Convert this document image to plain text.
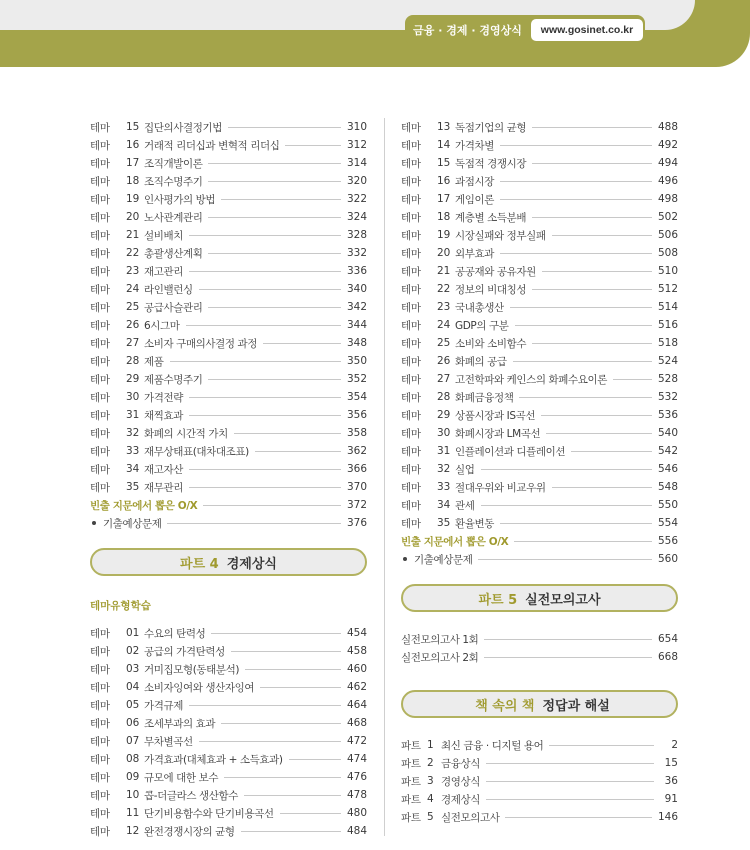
금융 · 경제 · 경영상식	www.gosinet.co.kr
테마	15 집단의사결정기법	310
테마	16 거래적 리더십과 변혁적 리더십	312
테마	17 조직개발이론	314
테마	18 조직수명주기	320
테마	19 인사평가의 방법	322
테마	20 노사관계관리	324
테마	21 설비배치	328
테마	22 총괄생산계획	332
테마	23 재고관리	336
테마	24 라인밸런싱	340
테마	25 공급사슬관리	342
테마	26 6시그마	344
테마	27 소비자 구매의사결정 과정	348
테마	28 제품	350
테마	29 제품수명주기	352
테마	30 가격전략	354
테마	31 채찍효과	356
테마	32 화폐의 시간적 가치	358
테마	33 재무상태표(대차대조표)	362
테마	34 재고자산	366
테마	35 재무관리	370
빈출 지문에서 뽑은 O/X	372
기출예상문제	376
파트 4 경제상식
테마유형학습
테마	01 수요의 탄력성	454
테마	02 공급의 가격탄력성	458
테마	03 거미집모형(동태분석)	460
테마	04 소비자잉여와 생산자잉여	462
테마	05 가격규제	464
테마	06 조세부과의 효과	468
테마	07 무차별곡선	472
테마	08 가격효과(대체효과 + 소득효과)	474
테마	09 규모에 대한 보수	476
테마	10 콥-더글라스 생산함수	478
테마	11 단기비용함수와 단기비용곡선	480
테마	12 완전경쟁시장의 균형	484
테마	13 독점기업의 균형	488
테마	14 가격차별	492
테마	15 독점적 경쟁시장	494
테마	16 과점시장	496
테마	17 게임이론	498
테마	18 계층별 소득분배	502
테마	19 시장실패와 정부실패	506
테마	20 외부효과	508
테마	21 공공재와 공유자원	510
테마	22 정보의 비대칭성	512
테마	23 국내총생산	514
테마	24 GDP의 구분	516
테마	25 소비와 소비함수	518
테마	26 화폐의 공급	524
테마	27 고전학파와 케인스의 화폐수요이론	528
테마	28 화폐금융정책	532
테마	29 상품시장과 IS곡선	536
테마	30 화폐시장과 LM곡선	540
테마	31 인플레이션과 디플레이션	542
테마	32 실업	546
테마	33 절대우위와 비교우위	548
테마	34 관세	550
테마	35 환율변동	554
빈출 지문에서 뽑은 O/X	556
기출예상문제	560
파트 5 실전모의고사
실전모의고사 1회	654
실전모의고사 2회	668
책 속의 책 정답과 해설
파트 1 최신 금융 · 디지털 용어	2
파트 2 금융상식	15
파트 3 경영상식	36
파트 4 경제상식	91
파트 5 실전모의고사	146
